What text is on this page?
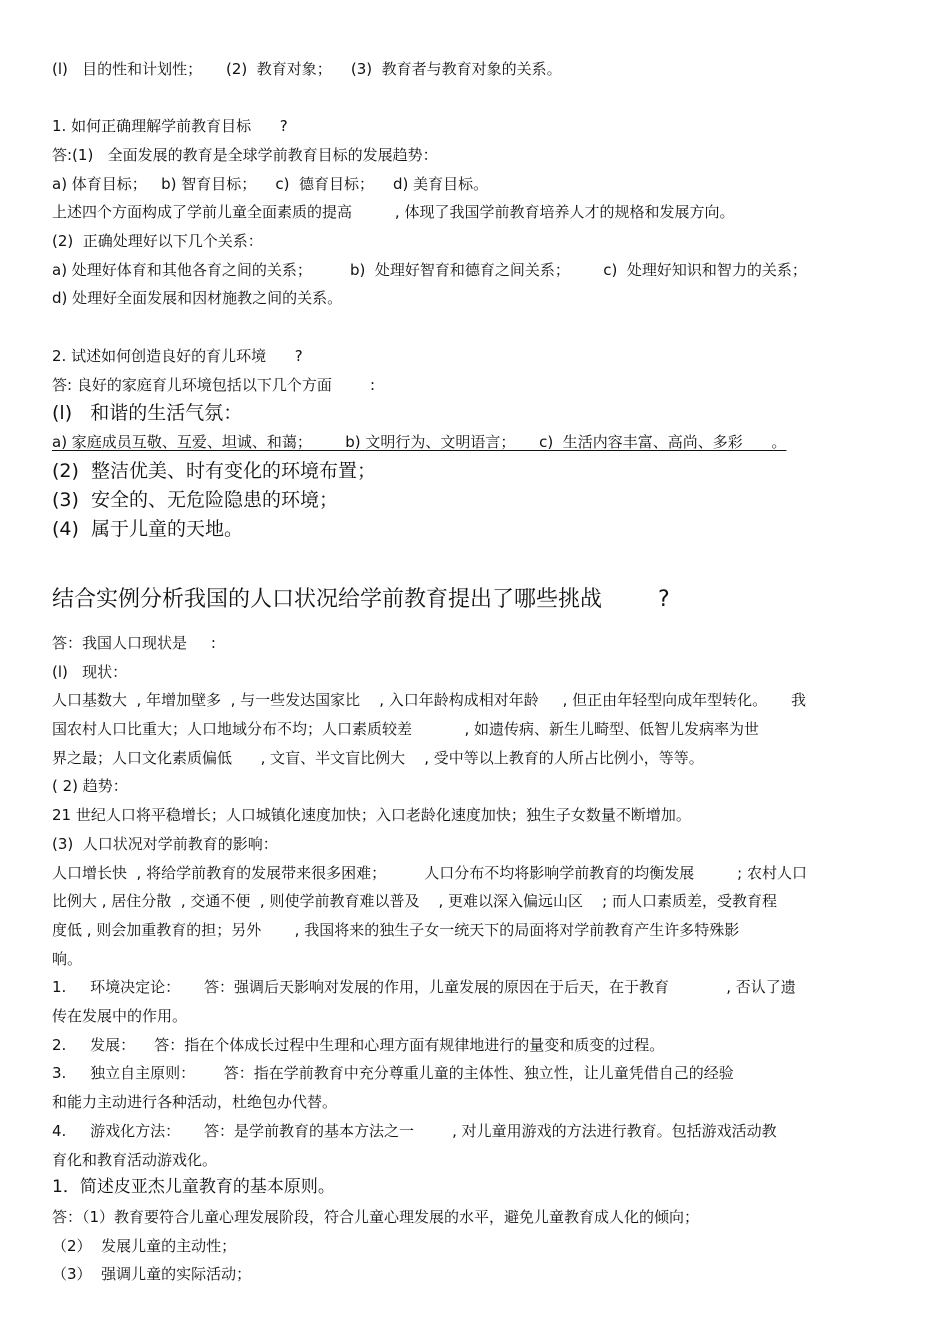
(l)   目的性和计划性；     (2)  教育对象；    (3)  教育者与教育对象的关系。
1. 如何正确理解学前教育目标      ?
答:(1)   全面发展的教育是全球学前教育目标的发展趋势：
a) 体育目标；   b) 智育目标；    c)  德育目标；    d) 美育目标。
上述四个方面构成了学前儿童全面素质的提高         , 体现了我国学前教育培养人才的规格和发展方向。
(2)  正确处理好以下几个关系：
a) 处理好体育和其他各育之间的关系；        b)  处理好智育和德育之间关系；       c)  处理好知识和智力的关系；
d) 处理好全面发展和因材施教之间的关系。
2. 试述如何创造良好的育儿环境      ?
答: 良好的家庭育儿环境包括以下几个方面        :
(l)   和谐的生活气氛：
a) 家庭成员互敬、互爱、坦诚、和蔼；       b) 文明行为、文明语言；     c)  生活内容丰富、高尚、多彩      。
(2)  整洁优美、时有变化的环境布置；
(3)  安全的、无危险隐患的环境；
(4)  属于儿童的天地。
结合实例分析我国的人口状况给学前教育提出了哪些挑战        ?
答：我国人口现状是     :
(l)   现状：
人口基数大  , 年增加壁多  , 与一些发达国家比    , 入口年龄构成相对年龄     , 但正由年轻型向成年型转化。     我
国农村人口比重大；人口地域分布不均；人口素质较差           , 如遗传病、新生儿畸型、低智儿发病率为世
界之最；人口文化素质偏低      , 文盲、半文盲比例大    , 受中等以上教育的人所占比例小，等等。
( 2) 趋势：
21 世纪人口将平稳增长；人口城镇化速度加快；入口老龄化速度加快；独生子女数量不断增加。
(3)  人口状况对学前教育的影响：
人口增长快  , 将给学前教育的发展带来很多困难；        人口分布不均将影响学前教育的均衡发展         ; 农村人口
比例大 , 居住分散  , 交通不便  , 则使学前教育难以普及    , 更难以深入偏远山区    ; 而人口素质差，受教育程
度低 , 则会加重教育的担；另外       , 我国将来的独生子女一统天下的局面将对学前教育产生许多特殊影
响。
1.     环境决定论：     答：强调后天影响对发展的作用，儿童发展的原因在于后天，在于教育            , 否认了遗
传在发展中的作用。
2.     发展：    答：指在个体成长过程中生理和心理方面有规律地进行的量变和质变的过程。
3.     独立自主原则：      答：指在学前教育中充分尊重儿童的主体性、独立性，让儿童凭借自己的经验
和能力主动进行各种活动，杜绝包办代替。
4.     游戏化方法：     答：是学前教育的基本方法之一        , 对儿童用游戏的方法进行教育。包括游戏活动教
育化和教育活动游戏化。
1．简述皮亚杰儿童教育的基本原则。
答：（1）教育要符合儿童心理发展阶段，符合儿童心理发展的水平，避免儿童教育成人化的倾向；
（2）  发展儿童的主动性；
（3）  强调儿童的实际活动；
